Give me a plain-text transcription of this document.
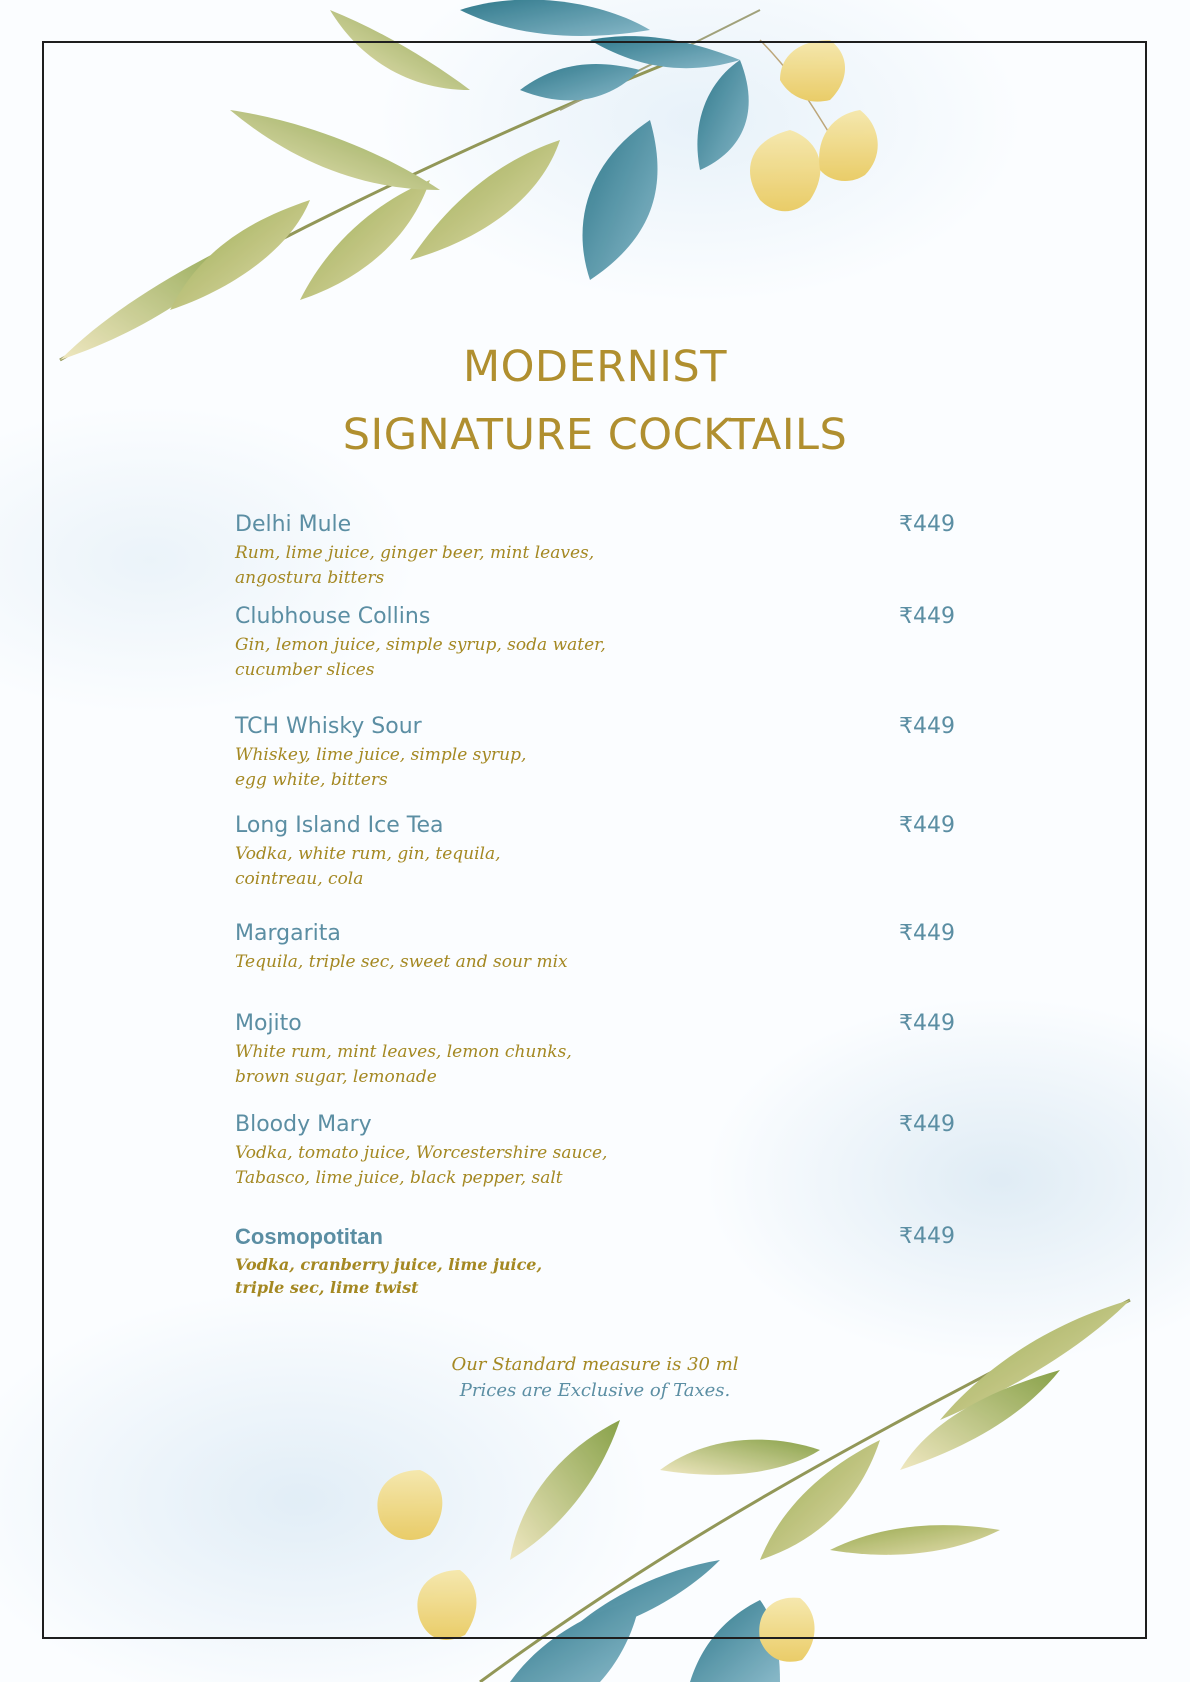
MODERNIST
SIGNATURE COCKTAILS
Delhi Mule	₹449
Rum, lime juice, ginger beer, mint leaves,
angostura bitters
Clubhouse Collins	₹449
Gin, lemon juice, simple syrup, soda water,
cucumber slices
TCH Whisky Sour	₹449
Whiskey, lime juice, simple syrup,
egg white, bitters
Long Island Ice Tea	₹449
Vodka, white rum, gin, tequila,
cointreau, cola
Margarita	₹449
Tequila, triple sec, sweet and sour mix
Mojito	₹449
White rum, mint leaves, lemon chunks,
brown sugar, lemonade
Bloody Mary	₹449
Vodka, tomato juice, Worcestershire sauce,
Tabasco, lime juice, black pepper, salt
Cosmopotitan	₹449
Vodka, cranberry juice, lime juice,
triple sec, lime twist
Our Standard measure is 30 ml
Prices are Exclusive of Taxes.
